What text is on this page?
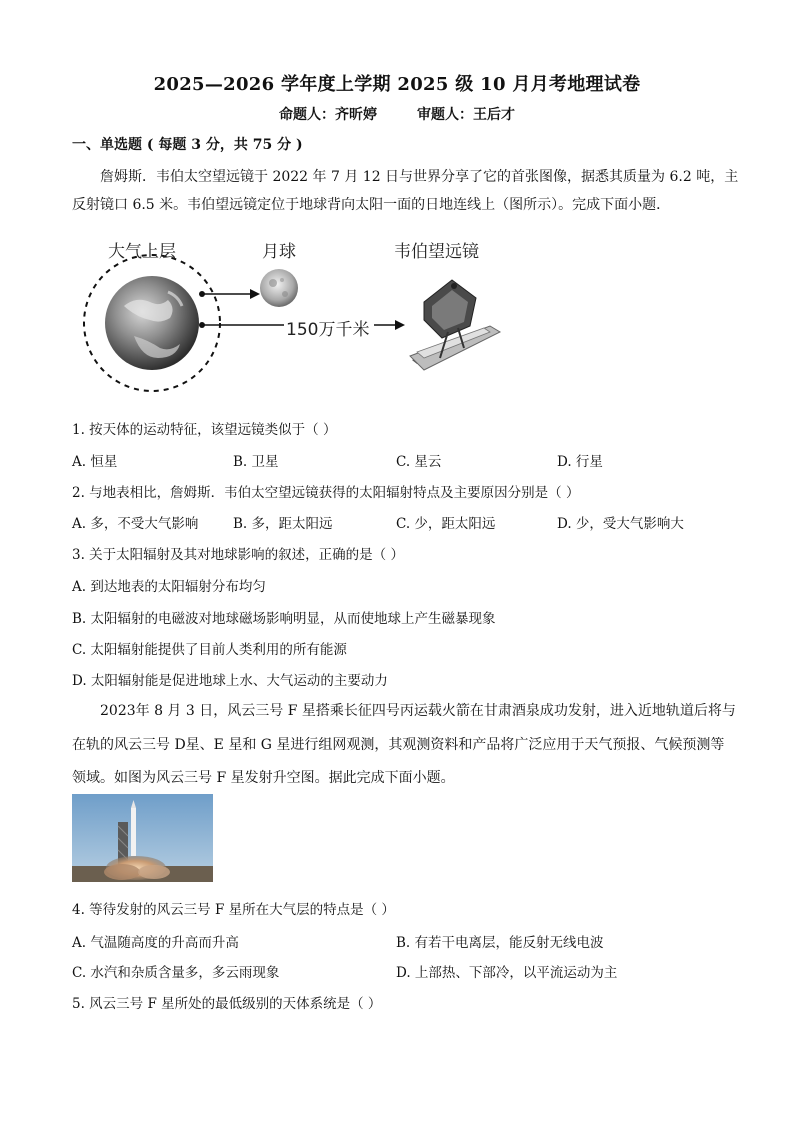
2025—2026 学年度上学期 2025 级 10 月月考地理试卷
命题人：齐昕婷	审题人：王后才
一、单选题 ( 每题 3 分，共 75 分 )
詹姆斯．韦伯太空望远镜于 2022 年 7 月 12 日与世界分享了它的首张图像，据悉其质量为 6.2 吨，主
反射镜口 6.5 米。韦伯望远镜定位于地球背向太阳一面的日地连线上（图所示）。完成下面小题．
大气上层	月球	韦伯望远镜
150万千米
1. 按天体的运动特征，该望远镜类似于（ ）
A. 恒星	B. 卫星	C. 星云	D. 行星
2. 与地表相比，詹姆斯．韦伯太空望远镜获得的太阳辐射特点及主要原因分别是（ ）
A. 多，不受大气影响	B. 多，距太阳远	C. 少，距太阳远	D. 少，受大气影响大
3. 关于太阳辐射及其对地球影响的叙述，正确的是（ ）
A. 到达地表的太阳辐射分布均匀
B. 太阳辐射的电磁波对地球磁场影响明显，从而使地球上产生磁暴现象
C. 太阳辐射能提供了目前人类利用的所有能源
D. 太阳辐射能是促进地球上水、大气运动的主要动力
2023年 8 月 3 日，风云三号 F 星搭乘长征四号丙运载火箭在甘肃酒泉成功发射，进入近地轨道后将与
在轨的风云三号 D星、E 星和 G 星进行组网观测，其观测资料和产品将广泛应用于天气预报、气候预测等
领域。如图为风云三号 F 星发射升空图。据此完成下面小题。
4. 等待发射的风云三号 F 星所在大气层的特点是（ ）
A. 气温随高度的升高而升高	B. 有若干电离层，能反射无线电波
C. 水汽和杂质含量多，多云雨现象	D. 上部热、下部冷，以平流运动为主
5. 风云三号 F 星所处的最低级别的天体系统是（ ）
